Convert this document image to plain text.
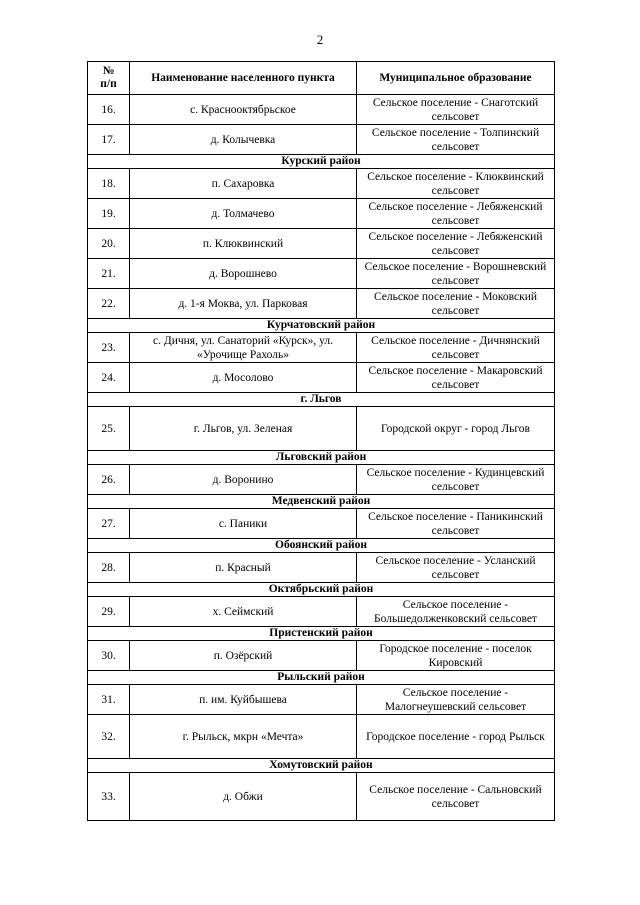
2
№
п/п	Наименование населенного пункта	Муниципальное образование
16.	с. Краснооктябрьское	Сельское поселение - Снаготский сельсовет
17.	д. Колычевка	Сельское поселение - Толпинский сельсовет
Курский район		
18.	п. Сахаровка	Сельское поселение - Клюквинский сельсовет
19.	д. Толмачево	Сельское поселение - Лебяженский сельсовет
20.	п. Клюквинский	Сельское поселение - Лебяженский сельсовет
21.	д. Ворошнево	Сельское поселение - Ворошневский сельсовет
22.	д. 1-я Моква, ул. Парковая	Сельское поселение - Моковский сельсовет
Курчатовский район		
23.	с. Дичня, ул. Санаторий «Курск», ул. «Урочище Рахоль»	Сельское поселение - Дичнянский сельсовет
24.	д. Мосолово	Сельское поселение - Макаровский сельсовет
г. Льгов		
25.	г. Льгов, ул. Зеленая	Городской округ - город Льгов
Льговский район		
26.	д. Воронино	Сельское поселение - Кудинцевский сельсовет
Медвенский район		
27.	с. Паники	Сельское поселение - Паникинский сельсовет
Обоянский район		
28.	п. Красный	Сельское поселение - Усланский сельсовет
Октябрьский район		
29.	х. Сеймский	Сельское поселение - Большедолженковский сельсовет
Пристенский район		
30.	п. Озёрский	Городское поселение - поселок Кировский
Рыльский район		
31.	п. им. Куйбышева	Сельское поселение - Малогнеушевский сельсовет
32.	г. Рыльск, мкрн «Мечта»	Городское поселение - город Рыльск
Хомутовский район		
33.	д. Обжи	Сельское поселение - Сальновский сельсовет
